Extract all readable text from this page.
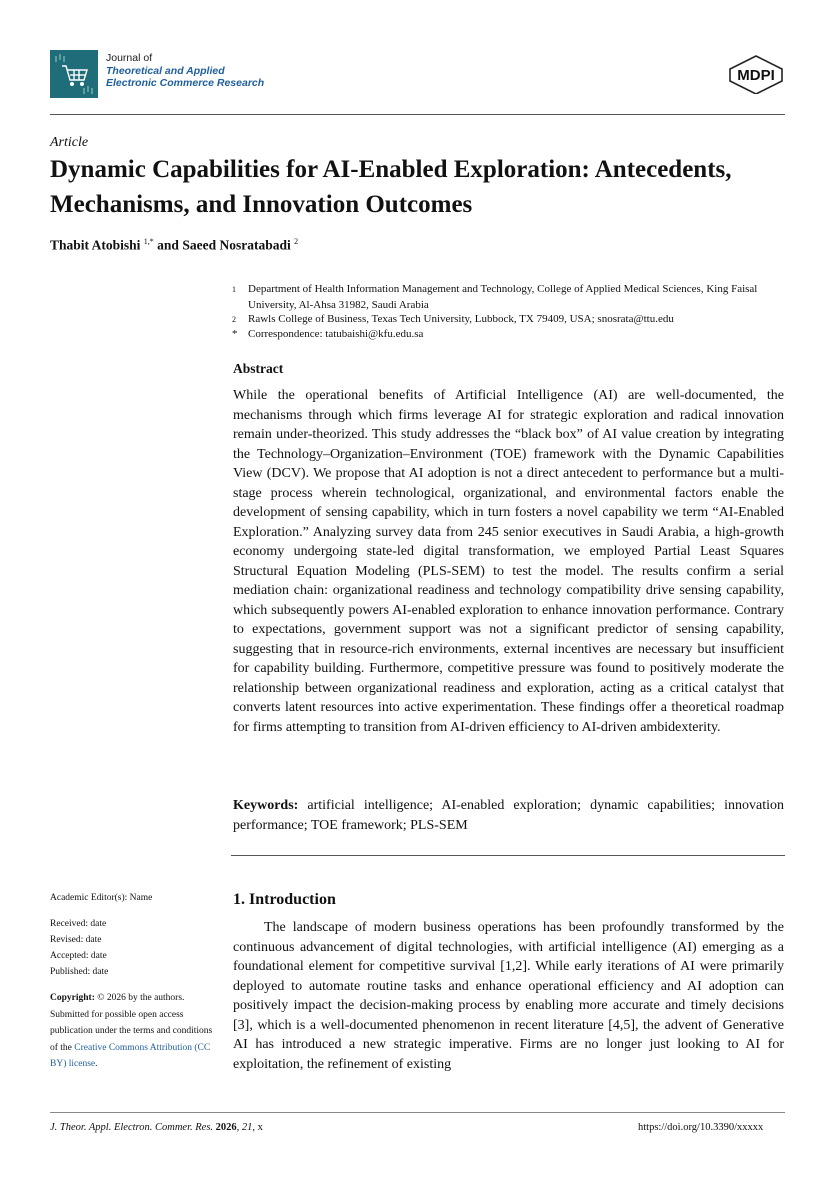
Journal of
Theoretical and Applied
Electronic Commerce Research	MDPI
Article
Dynamic Capabilities for AI-Enabled Exploration: Antecedents, Mechanisms, and Innovation Outcomes
Thabit Atobishi $^{1,*}$ and Saeed Nosratabadi $^2$
1 Department of Health Information Management and Technology, College of Applied Medical Sciences, King Faisal University, Al-Ahsa 31982, Saudi Arabia
2 Rawls College of Business, Texas Tech University, Lubbock, TX 79409, USA; snosrata@ttu.edu
* Correspondence: tatubaishi@kfu.edu.sa
Abstract
While the operational benefits of Artificial Intelligence (AI) are well-documented, the mechanisms through which firms leverage AI for strategic exploration and radical innovation remain under-theorized. This study addresses the “black box” of AI value creation by integrating the Technology–Organization–Environment (TOE) framework with the Dynamic Capabilities View (DCV). We propose that AI adoption is not a direct antecedent to performance but a multi-stage process wherein technological, organizational, and environmental factors enable the development of sensing capability, which in turn fosters a novel capability we term “AI-Enabled Exploration.” Analyzing survey data from 245 senior executives in Saudi Arabia, a high-growth economy undergoing state-led digital transformation, we employed Partial Least Squares Structural Equation Modeling (PLS-SEM) to test the model. The results confirm a serial mediation chain: organizational readiness and technology compatibility drive sensing capability, which subsequently powers AI-enabled exploration to enhance innovation performance. Contrary to expectations, government support was not a significant predictor of sensing capability, suggesting that in resource-rich environments, external incentives are necessary but insufficient for capability building. Furthermore, competitive pressure was found to positively moderate the relationship between organizational readiness and exploration, acting as a critical catalyst that converts latent resources into active experimentation. These findings offer a theoretical roadmap for firms attempting to transition from AI-driven efficiency to AI-driven ambidexterity.
Keywords: artificial intelligence; AI-enabled exploration; dynamic capabilities; innovation performance; TOE framework; PLS-SEM
Academic Editor(s): Name
Received: date
Revised: date
Accepted: date
Published: date
Copyright: © 2026 by the authors. Submitted for possible open access publication under the terms and conditions of the Creative Commons Attribution (CC BY) license.
1. Introduction
The landscape of modern business operations has been profoundly transformed by the continuous advancement of digital technologies, with artificial intelligence (AI) emerging as a foundational element for competitive survival [1,2]. While early iterations of AI were primarily deployed to automate routine tasks and enhance operational efficiency and AI adoption can positively impact the decision-making process by enabling more accurate and timely decisions [3], which is a well-documented phenomenon in recent literature [4,5], the advent of Generative AI has introduced a new strategic imperative. Firms are no longer just looking to AI for exploitation, the refinement of existing
J. Theor. Appl. Electron. Commer. Res. 2026, 21, x	https://doi.org/10.3390/xxxxx
